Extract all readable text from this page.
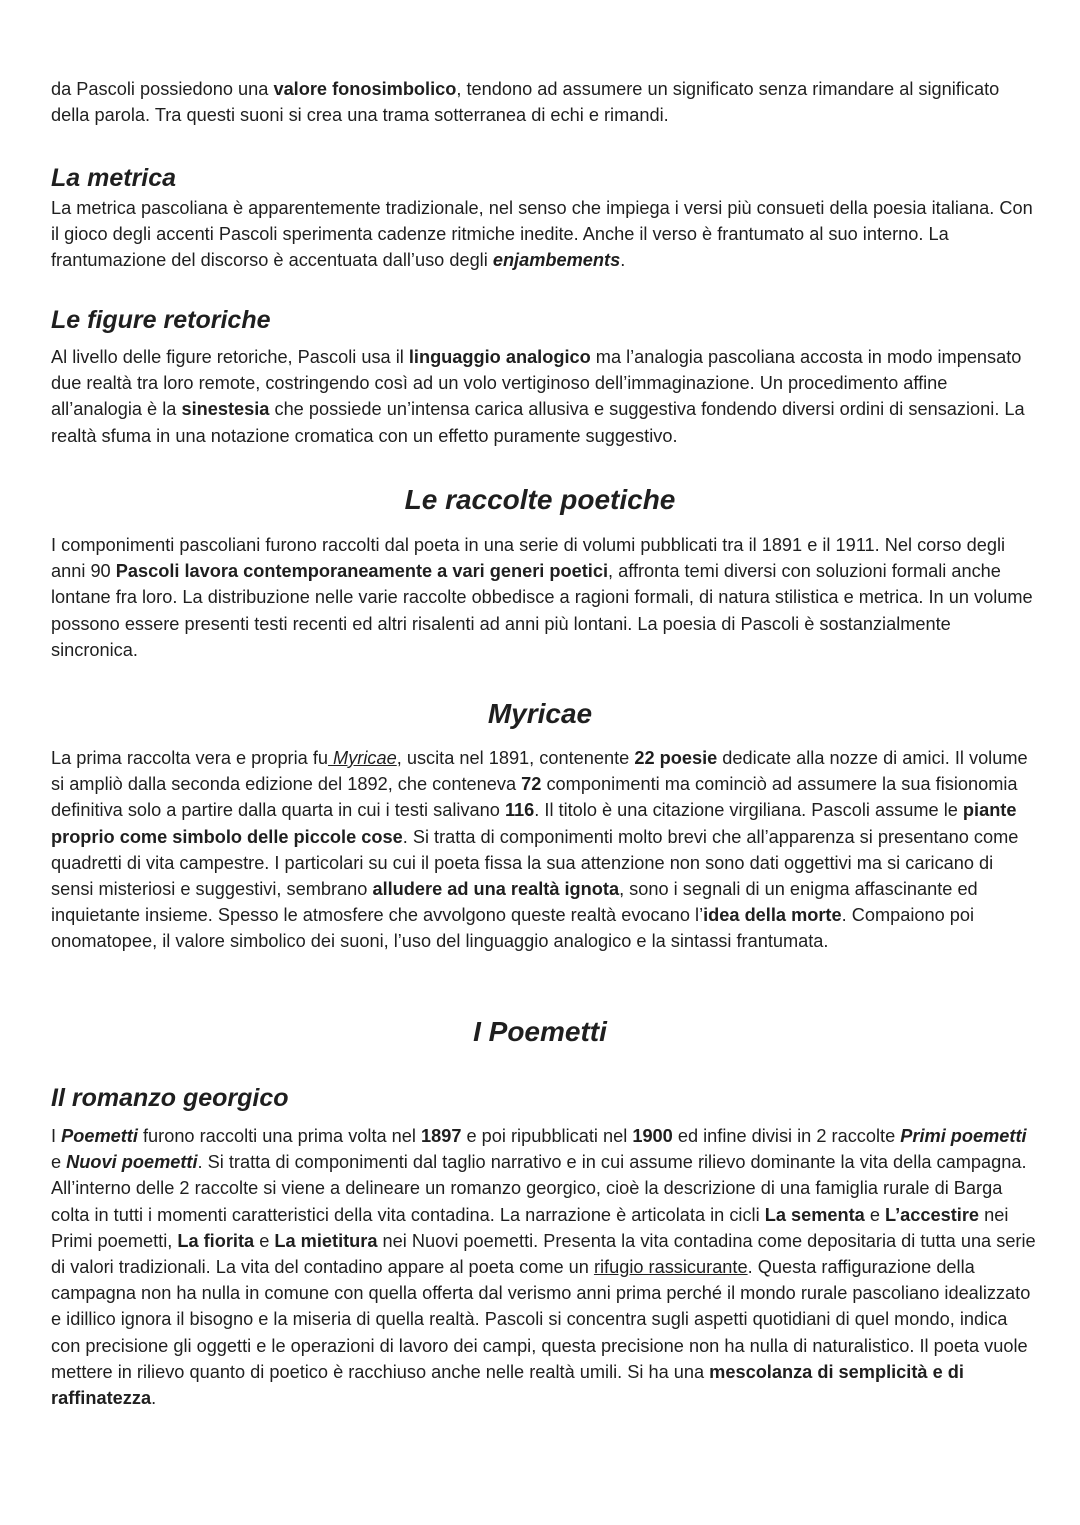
da Pascoli possiedono una valore fonosimbolico, tendono ad assumere un significato senza rimandare al significato della parola. Tra questi suoni si crea una trama sotterranea di echi e rimandi.

La metrica

La metrica pascoliana è apparentemente tradizionale, nel senso che impiega i versi più consueti della poesia italiana. Con il gioco degli accenti Pascoli sperimenta cadenze ritmiche inedite. Anche il verso è frantumato al suo interno. La frantumazione del discorso è accentuata dall’uso degli enjambements.

Le figure retoriche

Al livello delle figure retoriche, Pascoli usa il linguaggio analogico ma l’analogia pascoliana accosta in modo impensato due realtà tra loro remote, costringendo così ad un volo vertiginoso dell’immaginazione. Un procedimento affine all’analogia è la sinestesia che possiede un’intensa carica allusiva e suggestiva fondendo diversi ordini di sensazioni. La realtà sfuma in una notazione cromatica con un effetto puramente suggestivo.

Le raccolte poetiche

I componimenti pascoliani furono raccolti dal poeta in una serie di volumi pubblicati tra il 1891 e il 1911. Nel corso degli anni 90 Pascoli lavora contemporaneamente a vari generi poetici, affronta temi diversi con soluzioni formali anche lontane fra loro. La distribuzione nelle varie raccolte obbedisce a ragioni formali, di natura stilistica e metrica. In un volume possono essere presenti testi recenti ed altri risalenti ad anni più lontani. La poesia di Pascoli è sostanzialmente sincronica.

Myricae

La prima raccolta vera e propria fu Myricae, uscita nel 1891, contenente 22 poesie dedicate alla nozze di amici. Il volume si ampliò dalla seconda edizione del 1892, che conteneva 72 componimenti ma cominciò ad assumere la sua fisionomia definitiva solo a partire dalla quarta in cui i testi salivano 116. Il titolo è una citazione virgiliana. Pascoli assume le piante proprio come simbolo delle piccole cose. Si tratta di componimenti molto brevi che all’apparenza si presentano come quadretti di vita campestre. I particolari su cui il poeta fissa la sua attenzione non sono dati oggettivi ma si caricano di sensi misteriosi e suggestivi, sembrano alludere ad una realtà ignota, sono i segnali di un enigma affascinante ed inquietante insieme. Spesso le atmosfere che avvolgono queste realtà evocano l’idea della morte. Compaiono poi onomatopee, il valore simbolico dei suoni, l’uso del linguaggio analogico e la sintassi frantumata.

I Poemetti
Il romanzo georgico

I Poemetti furono raccolti una prima volta nel 1897 e poi ripubblicati nel 1900 ed infine divisi in 2 raccolte Primi poemetti e Nuovi poemetti. Si tratta di componimenti dal taglio narrativo e in cui assume rilievo dominante la vita della campagna. All’interno delle 2 raccolte si viene a delineare un romanzo georgico, cioè la descrizione di una famiglia rurale di Barga colta in tutti i momenti caratteristici della vita contadina. La narrazione è articolata in cicli La sementa e L’accestire nei Primi poemetti, La fiorita e La mietitura nei Nuovi poemetti. Presenta la vita contadina come depositaria di tutta una serie di valori tradizionali. La vita del contadino appare al poeta come un rifugio rassicurante. Questa raffigurazione della campagna non ha nulla in comune con quella offerta dal verismo anni prima perché il mondo rurale pascoliano idealizzato e idillico ignora il bisogno e la miseria di quella realtà. Pascoli si concentra sugli aspetti quotidiani di quel mondo, indica con precisione gli oggetti e le operazioni di lavoro dei campi, questa precisione non ha nulla di naturalistico. Il poeta vuole mettere in rilievo quanto di poetico è racchiuso anche nelle realtà umili. Si ha una mescolanza di semplicità e di raffinatezza.
